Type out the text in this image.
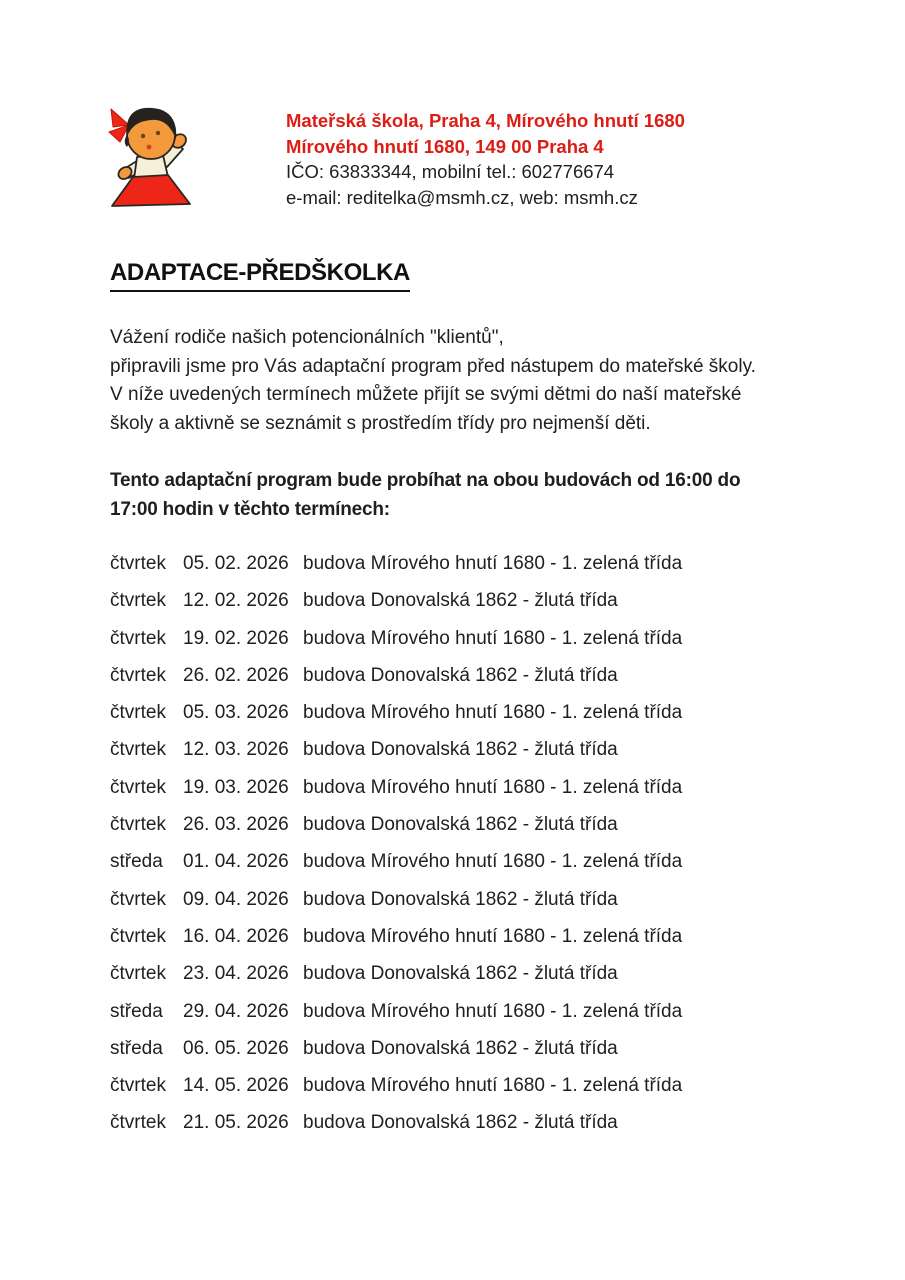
Mateřská škola, Praha 4, Mírového hnutí 1680
Mírového hnutí 1680, 149 00 Praha 4
IČO: 63833344, mobilní tel.: 602776674
e-mail: reditelka@msmh.cz, web: msmh.cz
ADAPTACE-PŘEDŠKOLKA
Vážení rodiče našich potencionálních "klientů",
připravili jsme pro Vás adaptační program před nástupem do mateřské školy.
V níže uvedených termínech můžete přijít se svými dětmi do naší mateřské
školy a aktivně se seznámit s prostředím třídy pro nejmenší děti.
Tento adaptační program bude probíhat na obou budovách od 16:00 do
17:00 hodin v těchto termínech:
čtvrtek 05. 02. 2026 budova Mírového hnutí 1680 - 1. zelená třída
čtvrtek 12. 02. 2026 budova Donovalská 1862 - žlutá třída
čtvrtek 19. 02. 2026 budova Mírového hnutí 1680 - 1. zelená třída
čtvrtek 26. 02. 2026 budova Donovalská 1862 - žlutá třída
čtvrtek 05. 03. 2026 budova Mírového hnutí 1680 - 1. zelená třída
čtvrtek 12. 03. 2026 budova Donovalská 1862 - žlutá třída
čtvrtek 19. 03. 2026 budova Mírového hnutí 1680 - 1. zelená třída
čtvrtek 26. 03. 2026 budova Donovalská 1862 - žlutá třída
středa	01. 04. 2026 budova Mírového hnutí 1680 - 1. zelená třída
čtvrtek 09. 04. 2026 budova Donovalská 1862 - žlutá třída
čtvrtek 16. 04. 2026 budova Mírového hnutí 1680 - 1. zelená třída
čtvrtek 23. 04. 2026 budova Donovalská 1862 - žlutá třída
středa	29. 04. 2026 budova Mírového hnutí 1680 - 1. zelená třída
středa	06. 05. 2026 budova Donovalská 1862 - žlutá třída
čtvrtek 14. 05. 2026 budova Mírového hnutí 1680 - 1. zelená třída
čtvrtek 21. 05. 2026 budova Donovalská 1862 - žlutá třída
